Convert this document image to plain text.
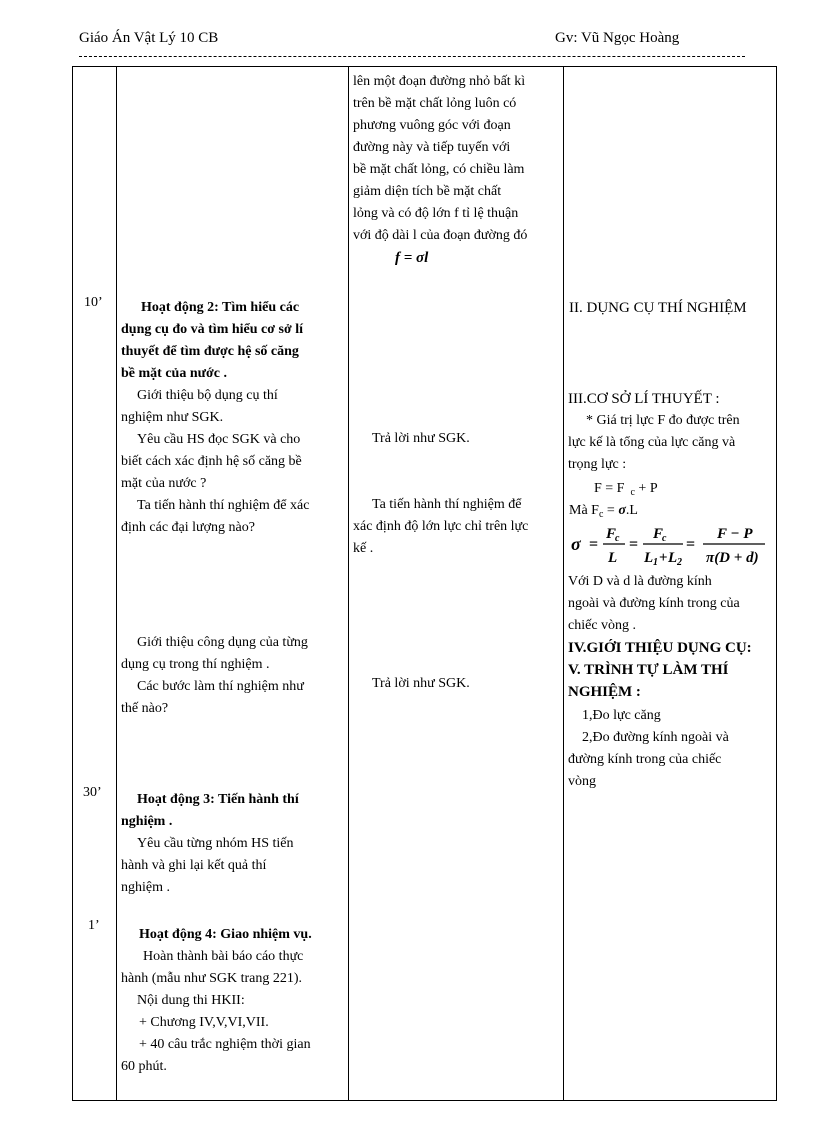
Giáo Án Vật Lý 10 CB	Gv: Vũ Ngọc Hoàng
10’
30’
1’
lên một đoạn đường nhỏ bất kì
trên bề mặt chất lỏng luôn có
phương vuông góc với đoạn
đường này và tiếp tuyến với
bề mặt chất lỏng, có chiều làm
giảm diện tích bề mặt chất
lỏng và có độ lớn f tỉ lệ thuận
với độ dài l của đoạn đường đó
f = σl
Hoạt động 2: Tìm hiểu các
dụng cụ đo và tìm hiểu cơ sở lí
thuyết để tìm được hệ số căng
bề mặt của nước .
Giới thiệu bộ dụng cụ thí
nghiệm như SGK.
Yêu cầu HS đọc SGK và cho
biết cách xác định hệ số căng bề
mặt của nước ?
Ta tiến hành thí nghiệm để xác
định các đại lượng nào?
Giới thiệu công dụng của từng
dụng cụ trong thí nghiệm .
Các bước làm thí nghiệm như
thế nào?
Hoạt động 3: Tiến hành thí
nghiệm .
Yêu cầu từng nhóm HS tiến
hành và ghi lại kết quả thí
nghiệm .
Hoạt động 4: Giao nhiệm vụ.
Hoàn thành bài báo cáo thực
hành (mẫu như SGK trang 221).
Nội dung thi HKII:
+ Chương IV,V,VI,VII.
+ 40 câu trắc nghiệm thời gian
60 phút.
Trả lời như SGK.
Ta tiến hành thí nghiệm để
xác định độ lớn lực chỉ trên lực
kế .
Trả lời như SGK.
II. DỤNG CỤ THÍ NGHIỆM
III.CƠ SỞ LÍ THUYẾT :
* Giá trị lực F đo được trên
lực kế là tổng của lực căng và
trọng lực :
F = F $_c$ + P
Mà $F_c = \sigma.L$
σ =
F
c
L
=
F
c
L 1 + L 2
=
F − P
π(D + d)
Với D và d là đường kính
ngoài và đường kính trong của
chiếc vòng .
IV.GIỚI THIỆU DỤNG CỤ:
V. TRÌNH TỰ LÀM THÍ
NGHIỆM :
1,Đo lực căng
2,Đo đường kính ngoài và
đường kính trong của chiếc
vòng
